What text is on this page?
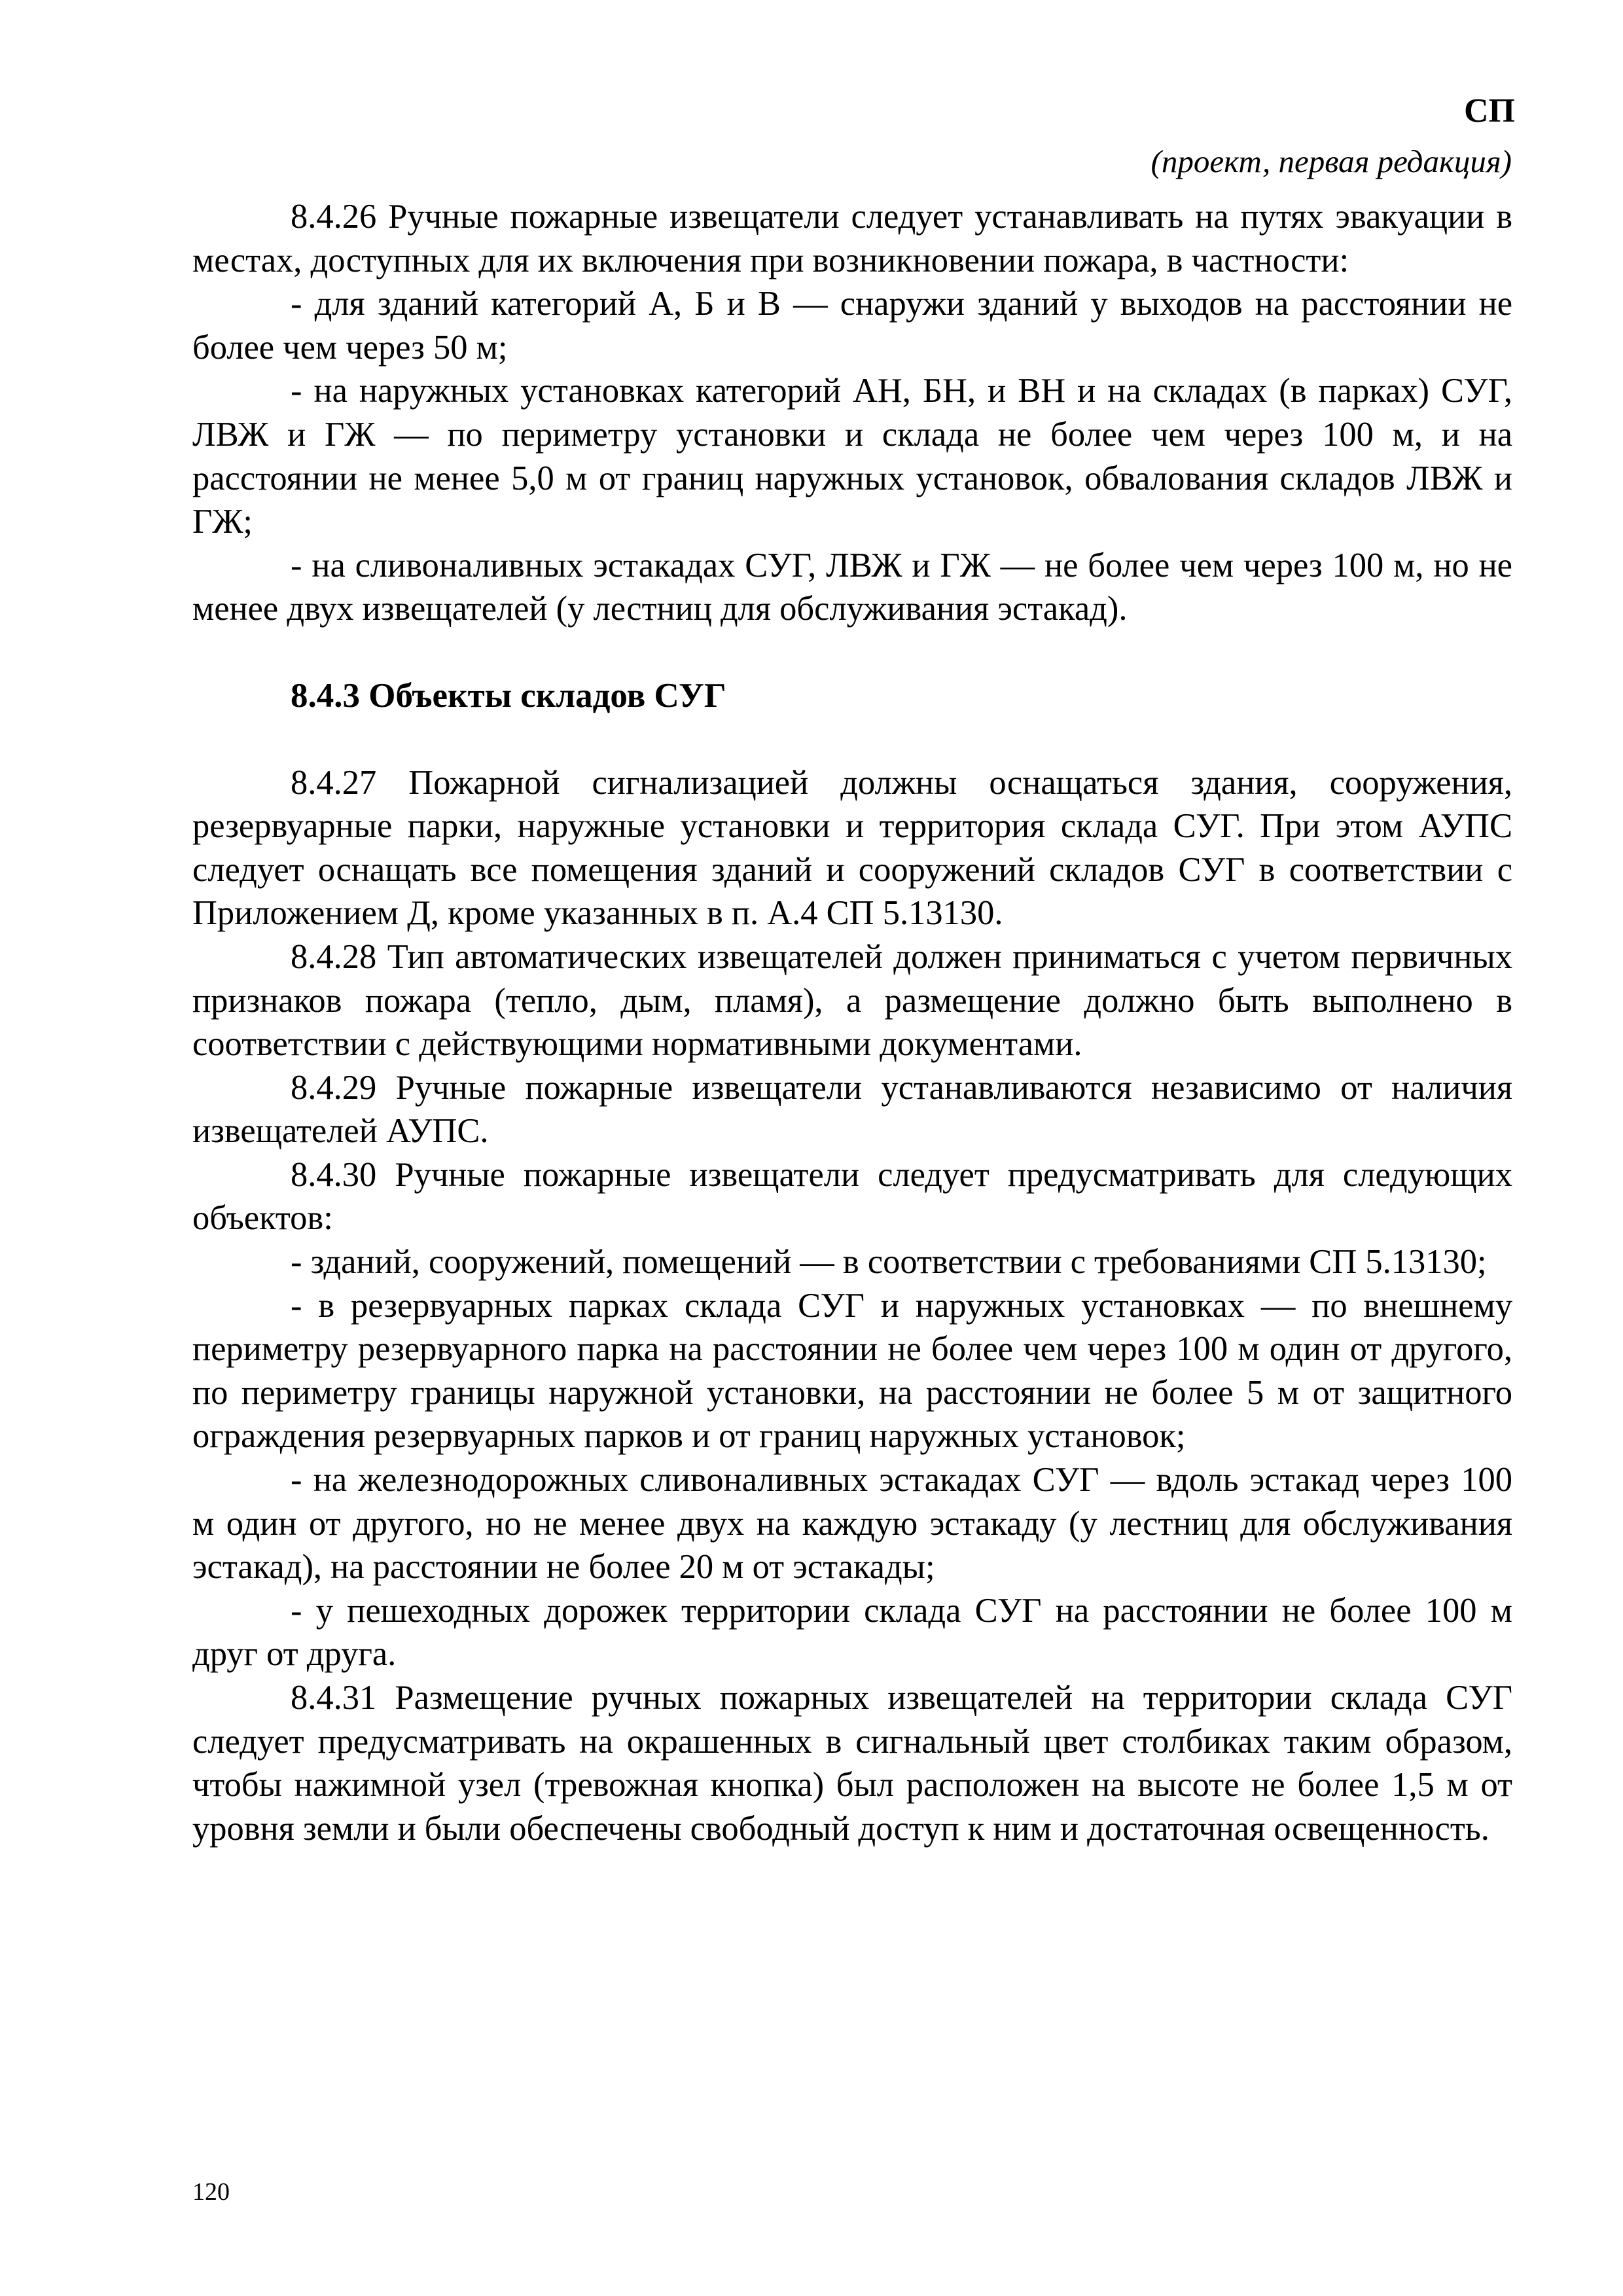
СП
(проект, первая редакция)

8.4.26 Ручные пожарные извещатели следует устанавливать на путях эвакуации в местах, доступных для их включения при возникновении пожара, в частности:

- для зданий категорий А, Б и В — снаружи зданий у выходов на расстоянии не более чем через 50 м;

- на наружных установках категорий АН, БН, и ВН и на складах (в парках) СУГ, ЛВЖ и ГЖ — по периметру установки и склада не более чем через 100 м, и на расстоянии не менее 5,0 м от границ наружных установок, обвалования складов ЛВЖ и ГЖ;

- на сливоналивных эстакадах СУГ, ЛВЖ и ГЖ — не более чем через 100 м, но не менее двух извещателей (у лестниц для обслуживания эстакад).

8.4.3 Объекты складов СУГ

8.4.27 Пожарной сигнализацией должны оснащаться здания, сооружения, резервуарные парки, наружные установки и территория склада СУГ. При этом АУПС следует оснащать все помещения зданий и сооружений складов СУГ в соответствии с Приложением Д, кроме указанных в п. А.4 СП 5.13130.

8.4.28 Тип автоматических извещателей должен приниматься с учетом первичных признаков пожара (тепло, дым, пламя), а размещение должно быть выполнено в соответствии с действующими нормативными документами.

8.4.29 Ручные пожарные извещатели устанавливаются независимо от наличия извещателей АУПС.

8.4.30 Ручные пожарные извещатели следует предусматривать для следующих объектов:

- зданий, сооружений, помещений — в соответствии с требованиями СП 5.13130;

- в резервуарных парках склада СУГ и наружных установках — по внешнему периметру резервуарного парка на расстоянии не более чем через 100 м один от другого, по периметру границы наружной установки, на расстоянии не более 5 м от защитного ограждения резервуарных парков и от границ наружных установок;

- на железнодорожных сливоналивных эстакадах СУГ — вдоль эстакад через 100 м один от другого, но не менее двух на каждую эстакаду (у лестниц для обслуживания эстакад), на расстоянии не более 20 м от эстакады;

- у пешеходных дорожек территории склада СУГ на расстоянии не более 100 м друг от друга.

8.4.31 Размещение ручных пожарных извещателей на территории склада СУГ следует предусматривать на окрашенных в сигнальный цвет столбиках таким образом, чтобы нажимной узел (тревожная кнопка) был расположен на высоте не более 1,5 м от уровня земли и были обеспечены свободный доступ к ним и достаточная освещенность.

120
